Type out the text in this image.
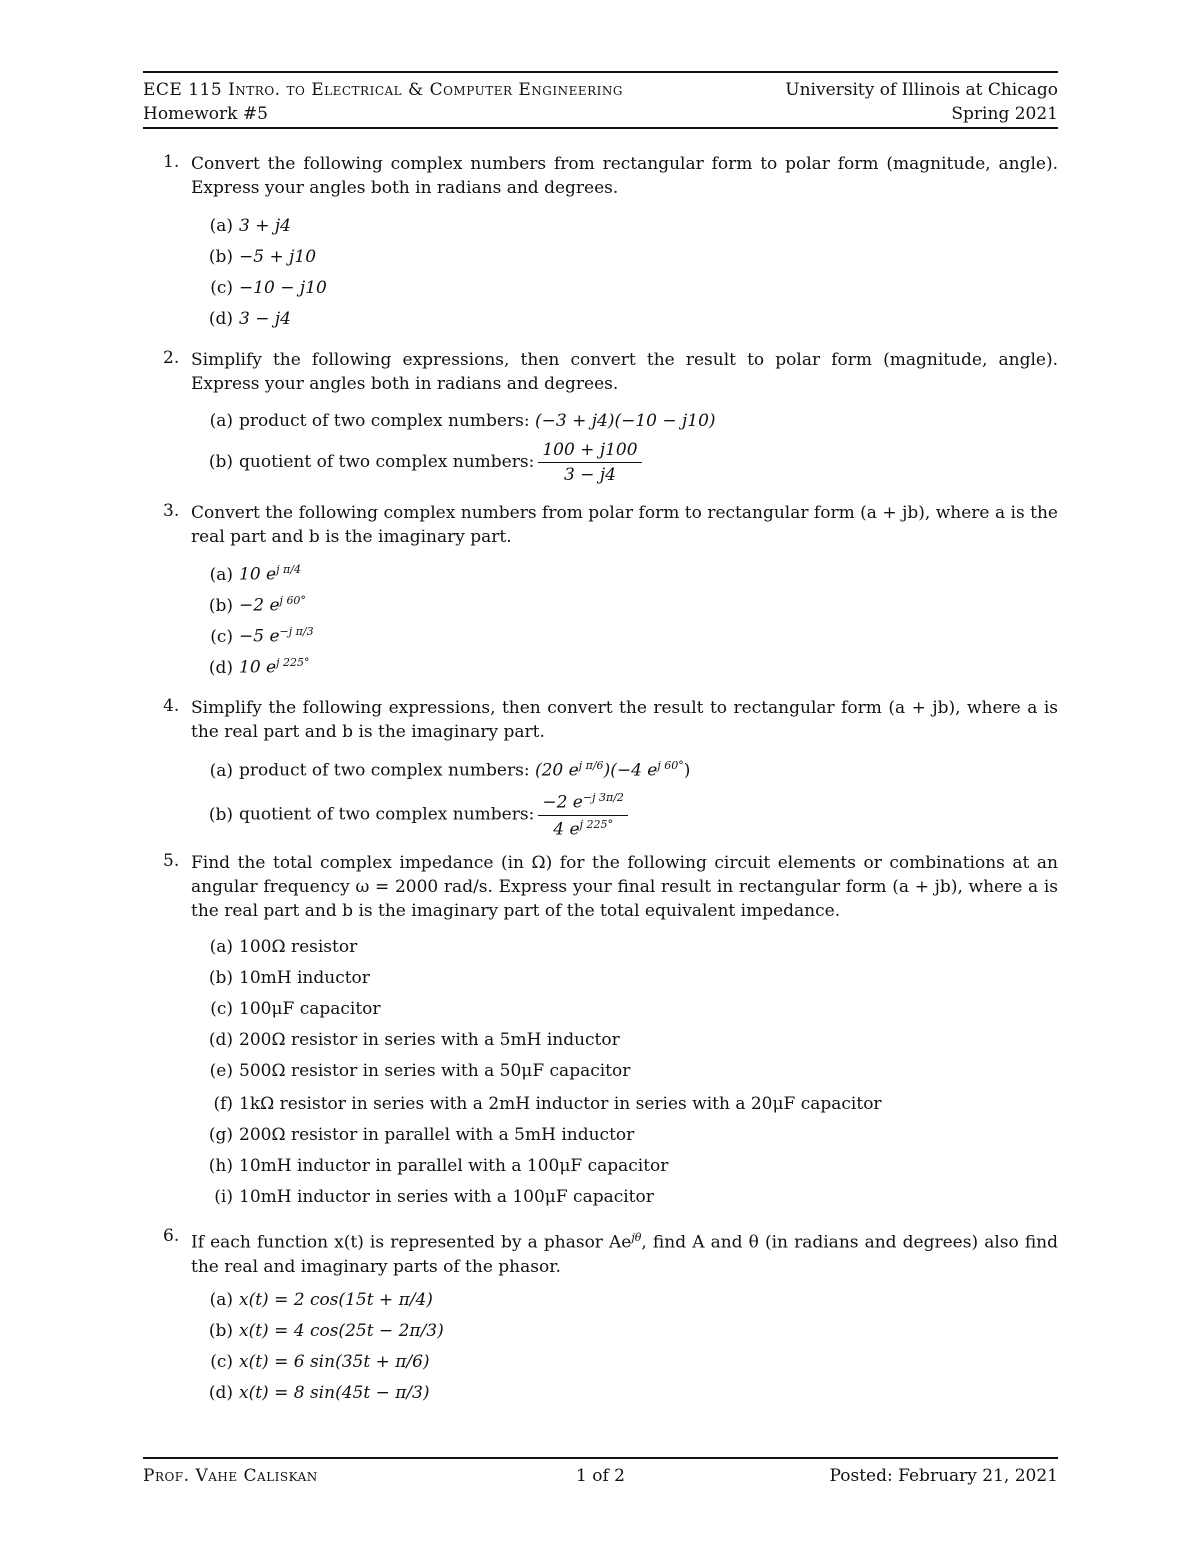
ECE 115 Intro. to Electrical & Computer Engineering	University of Illinois at Chicago
Homework #5	Spring 2021
1. Convert the following complex numbers from rectangular form to polar form (magnitude, angle). Express your angles both in radians and degrees.
(a) 3 + j4
(b) −5 + j10
(c) −10 − j10
(d) 3 − j4
2. Simplify the following expressions, then convert the result to polar form (magnitude, angle). Express your angles both in radians and degrees.
(a) product of two complex numbers: (−3 + j4)(−10 − j10)
(b) quotient of two complex numbers: $\frac{100 + j100}{3 - j4}$
3. Convert the following complex numbers from polar form to rectangular form (a + jb), where a is the real part and b is the imaginary part.
(a) 10 $e^{j \pi/4}$
(b) −2 $e^{j 60^\circ}$
(c) −5 $e^{-j \pi/3}$
(d) 10 $e^{j 225^\circ}$
4. Simplify the following expressions, then convert the result to rectangular form (a + jb), where a is the real part and b is the imaginary part.
(a) product of two complex numbers: (20 $e^{j \pi/6})(-4$ $e^{j 60^\circ}$)
(b) quotient of two complex numbers: $\frac{-2 e^{-j 3\pi/2}}{4 e^{j 225^\circ}}$
5. Find the total complex impedance (in Ω) for the following circuit elements or combinations at an angular frequency ω = 2000 rad/s. Express your final result in rectangular form (a + jb), where a is the real part and b is the imaginary part of the total equivalent impedance.
(a) 100Ω resistor
(b) 10mH inductor
(c) 100μF capacitor
(d) 200Ω resistor in series with a 5mH inductor
(e) 500Ω resistor in series with a 50μF capacitor
(f) 1kΩ resistor in series with a 2mH inductor in series with a 20μF capacitor
(g) 200Ω resistor in parallel with a 5mH inductor
(h) 10mH inductor in parallel with a 100μF capacitor
(i) 10mH inductor in series with a 100μF capacitor
6. If each function x(t) is represented by a phasor $Ae^{j\theta}$, find A and θ (in radians and degrees) also find the real and imaginary parts of the phasor.
(a) x(t) = 2 cos(15t + π/4)
(b) x(t) = 4 cos(25t − 2π/3)
(c) x(t) = 6 sin(35t + π/6)
(d) x(t) = 8 sin(45t − π/3)
Prof. Vahe Caliskan	1 of 2	Posted: February 21, 2021
